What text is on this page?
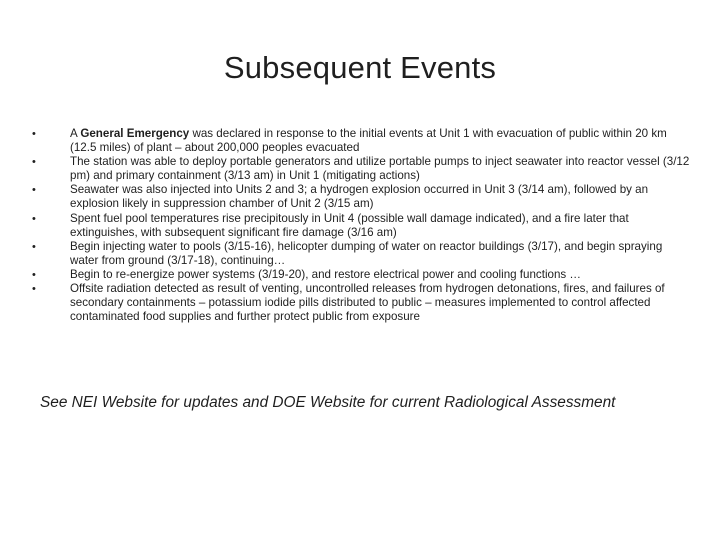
Subsequent Events
•	A General Emergency was declared in response to the initial events at Unit 1 with evacuation of public within 20 km (12.5 miles) of plant – about 200,000 peoples evacuated
•	The station was able to deploy portable generators and utilize portable pumps to inject seawater into reactor vessel (3/12 pm) and primary containment (3/13 am) in Unit 1 (mitigating actions)
•	Seawater was also injected into Units 2 and 3; a hydrogen explosion occurred in Unit 3 (3/14 am), followed by an explosion likely in suppression chamber of Unit 2 (3/15 am)
•	Spent fuel pool temperatures rise precipitously in Unit 4 (possible wall damage indicated), and a fire later that extinguishes, with subsequent significant fire damage (3/16 am)
•	Begin injecting water to pools (3/15-16), helicopter dumping of water on reactor buildings (3/17), and begin spraying water from ground (3/17-18), continuing…
•	Begin to re-energize power systems (3/19-20), and restore electrical power and cooling functions …
•	Offsite radiation detected as result of venting, uncontrolled releases from hydrogen detonations, fires, and failures of secondary containments – potassium iodide pills distributed to public – measures implemented to control affected contaminated food supplies and further protect public from exposure
See NEI Website for updates and DOE Website for current Radiological Assessment
